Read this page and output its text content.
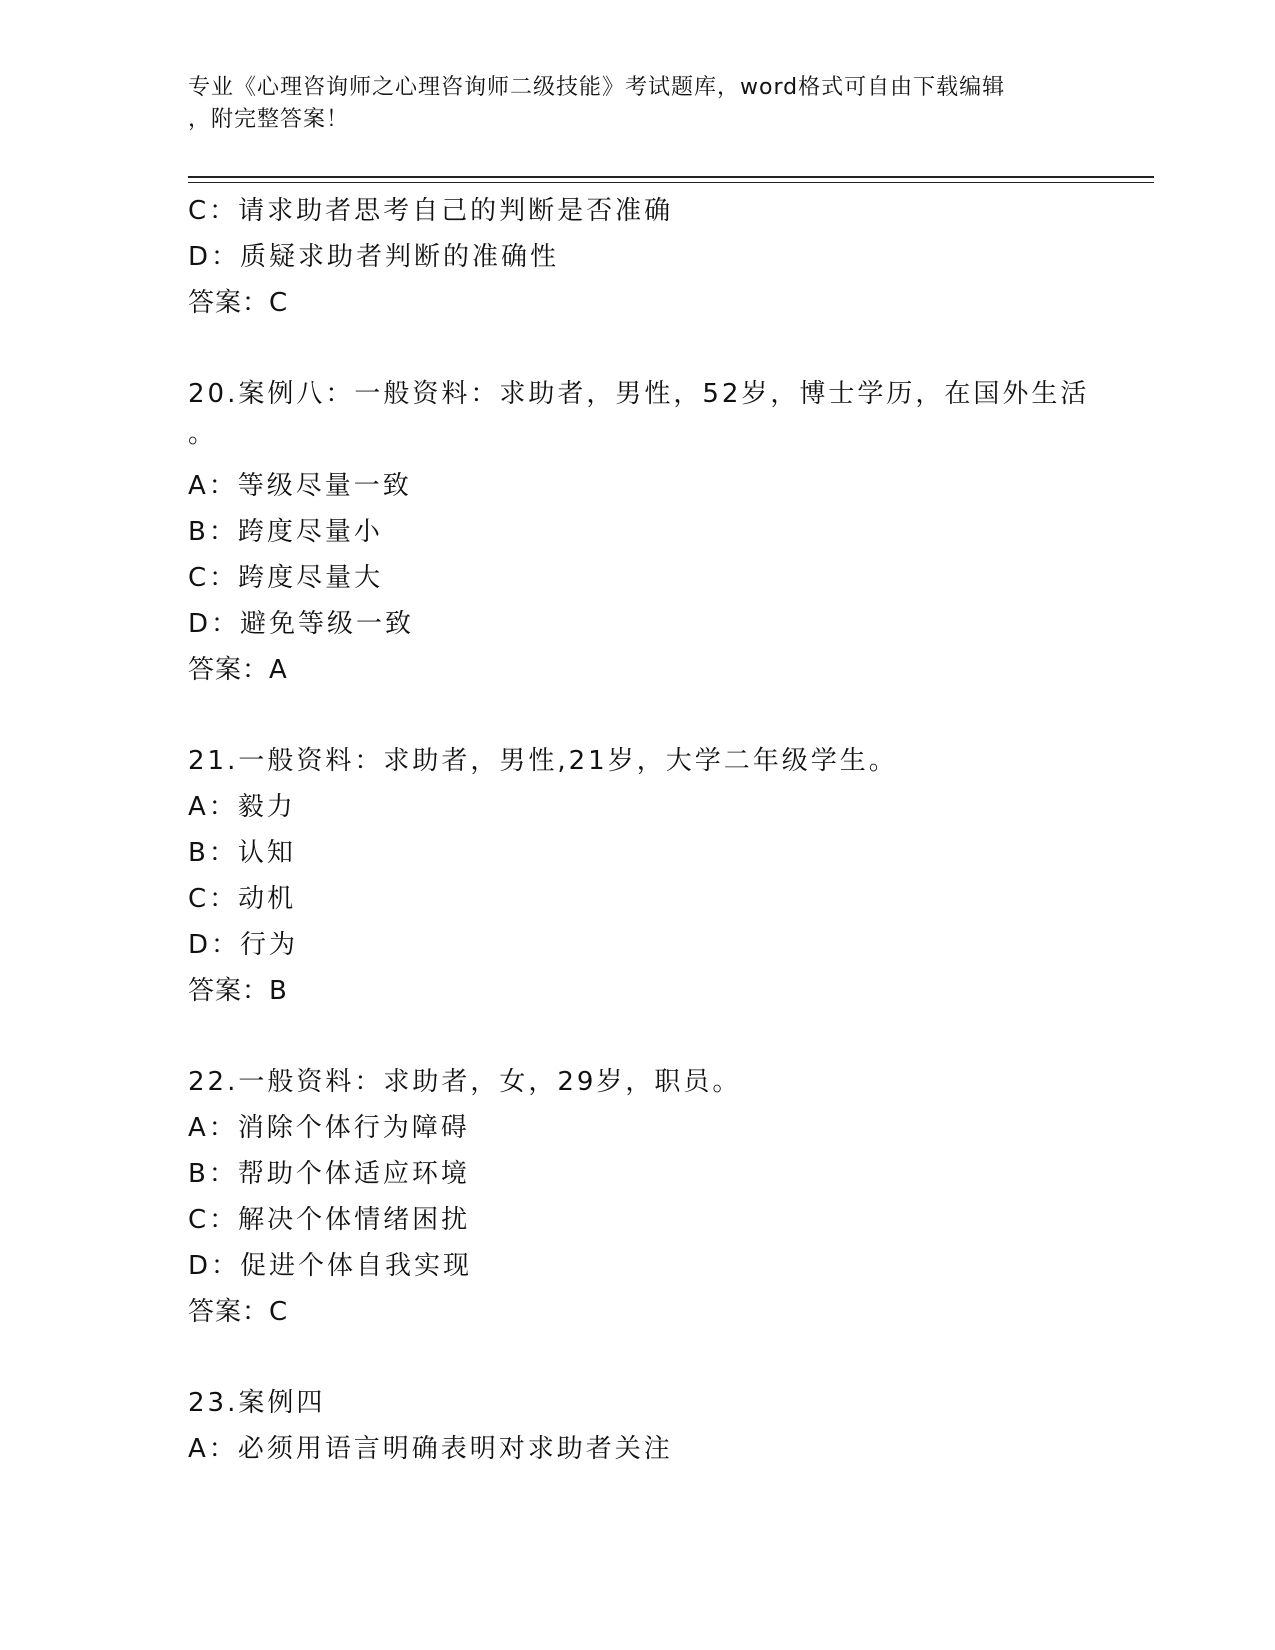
专业《心理咨询师之心理咨询师二级技能》考试题库，word格式可自由下载编辑
，附完整答案！
C：请求助者思考自己的判断是否准确
D：质疑求助者判断的准确性
答案：C
20.案例八：一般资料：求助者，男性，52岁，博士学历，在国外生活
。
A：等级尽量一致
B：跨度尽量小
C：跨度尽量大
D：避免等级一致
答案：A
21.一般资料：求助者，男性,21岁，大学二年级学生。
A：毅力
B：认知
C：动机
D：行为
答案：B
22.一般资料：求助者，女，29岁，职员。
A：消除个体行为障碍
B：帮助个体适应环境
C：解决个体情绪困扰
D：促进个体自我实现
答案：C
23.案例四
A：必须用语言明确表明对求助者关注
